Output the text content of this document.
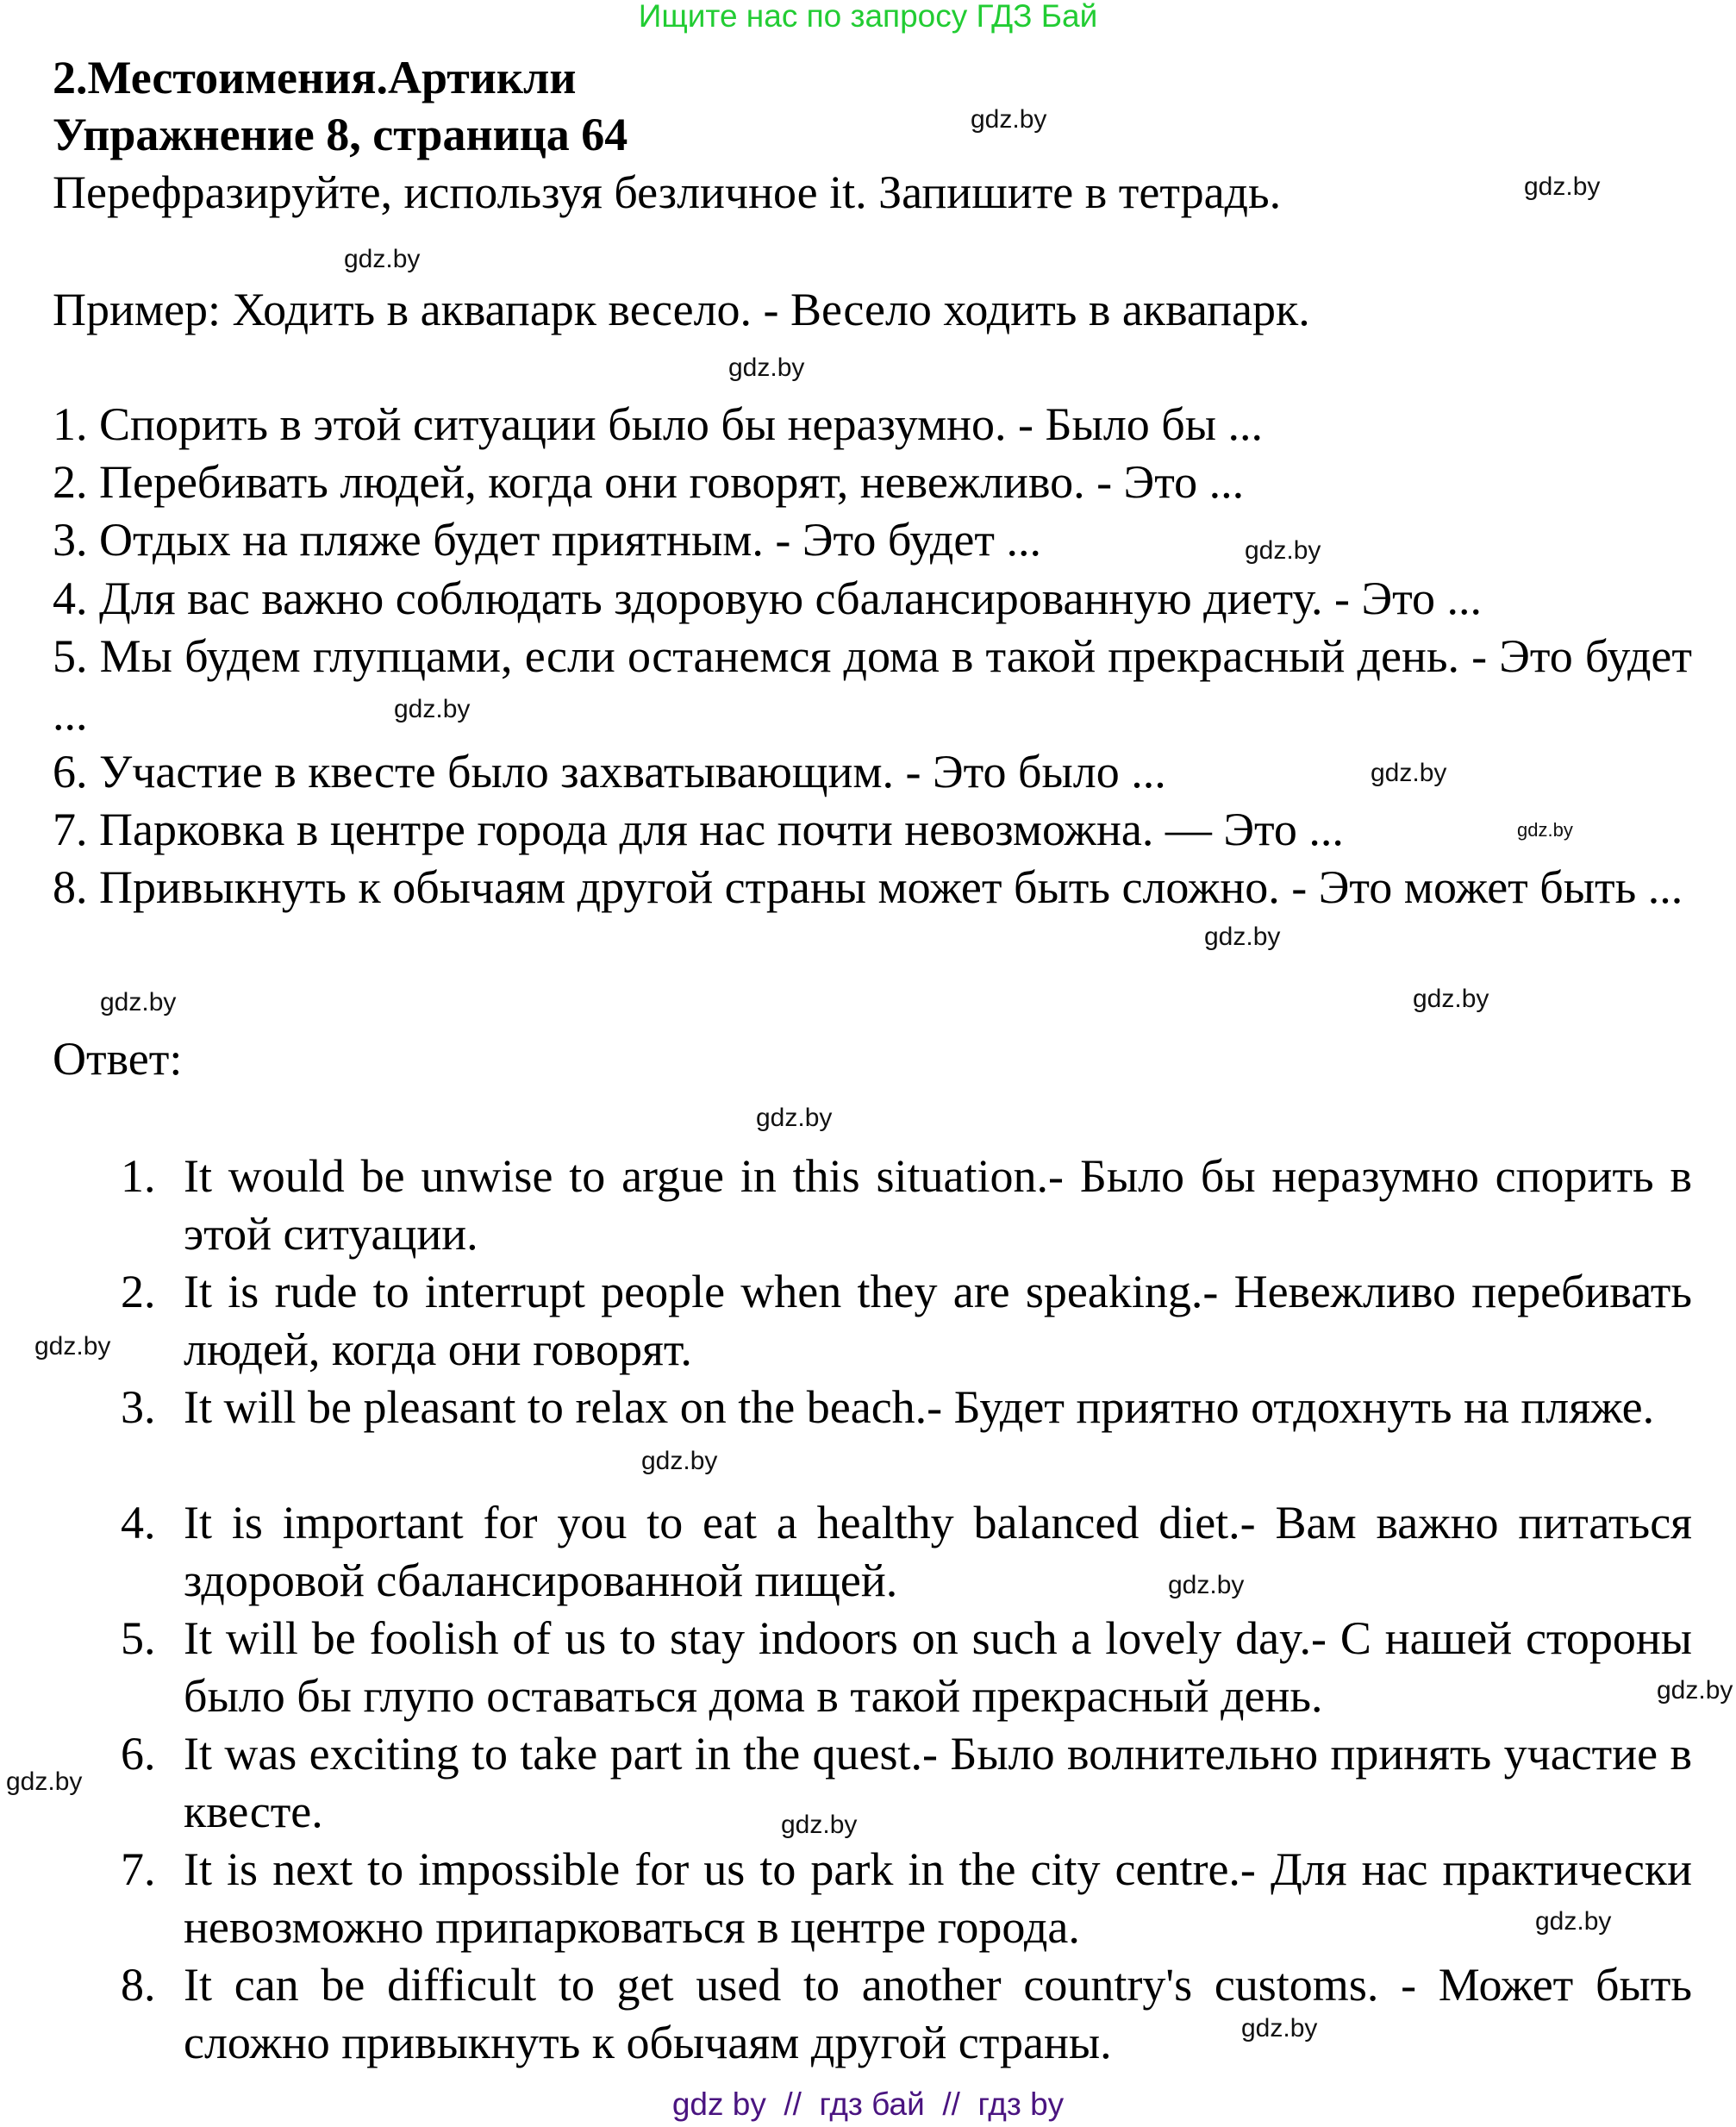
Ищите нас по запросу ГДЗ Бай
2.Местоимения.Артикли
Упражнение 8, страница 64
Перефразируйте, используя безличное it. Запишите в тетрадь.
Пример: Ходить в аквапарк весело. - Весело ходить в аквапарк.
1. Спорить в этой ситуации было бы неразумно. - Было бы ...
2. Перебивать людей, когда они говорят, невежливо. - Это ...
3. Отдых на пляже будет приятным. - Это будет ...
4. Для вас важно соблюдать здоровую сбалансированную диету. - Это ...
5. Мы будем глупцами, если останемся дома в такой прекрасный день. - Это будет ...
6. Участие в квесте было захватывающим. - Это было ...
7. Парковка в центре города для нас почти невозможна. — Это ...
8. Привыкнуть к обычаям другой страны может быть сложно. - Это может быть ...
Ответ:
1. It would be unwise to argue in this situation.- Было бы неразумно спорить в этой ситуации.
2. It is rude to interrupt people when they are speaking.- Невежливо перебивать людей, когда они говорят.
3. It will be pleasant to relax on the beach.- Будет приятно отдохнуть на пляже.
4. It is important for you to eat a healthy balanced diet.- Вам важно питаться здоровой сбалансированной пищей.
5. It will be foolish of us to stay indoors on such a lovely day.- С нашей стороны было бы глупо оставаться дома в такой прекрасный день.
6. It was exciting to take part in the quest.- Было волнительно принять участие в квесте.
7. It is next to impossible for us to park in the city centre.- Для нас практически невозможно припарковаться в центре города.
8. It can be difficult to get used to another country's customs. - Может быть сложно привыкнуть к обычаям другой страны.
gdz.by
gdz.by
gdz.by
gdz.by
gdz.by
gdz.by
gdz.by
gdz.by
gdz.by
gdz.by
gdz.by
gdz.by
gdz.by
gdz.by
gdz.by
gdz.by
gdz.by
gdz.by
gdz.by
gdz.by
gdz by  //  гдз бай  //  гдз by
